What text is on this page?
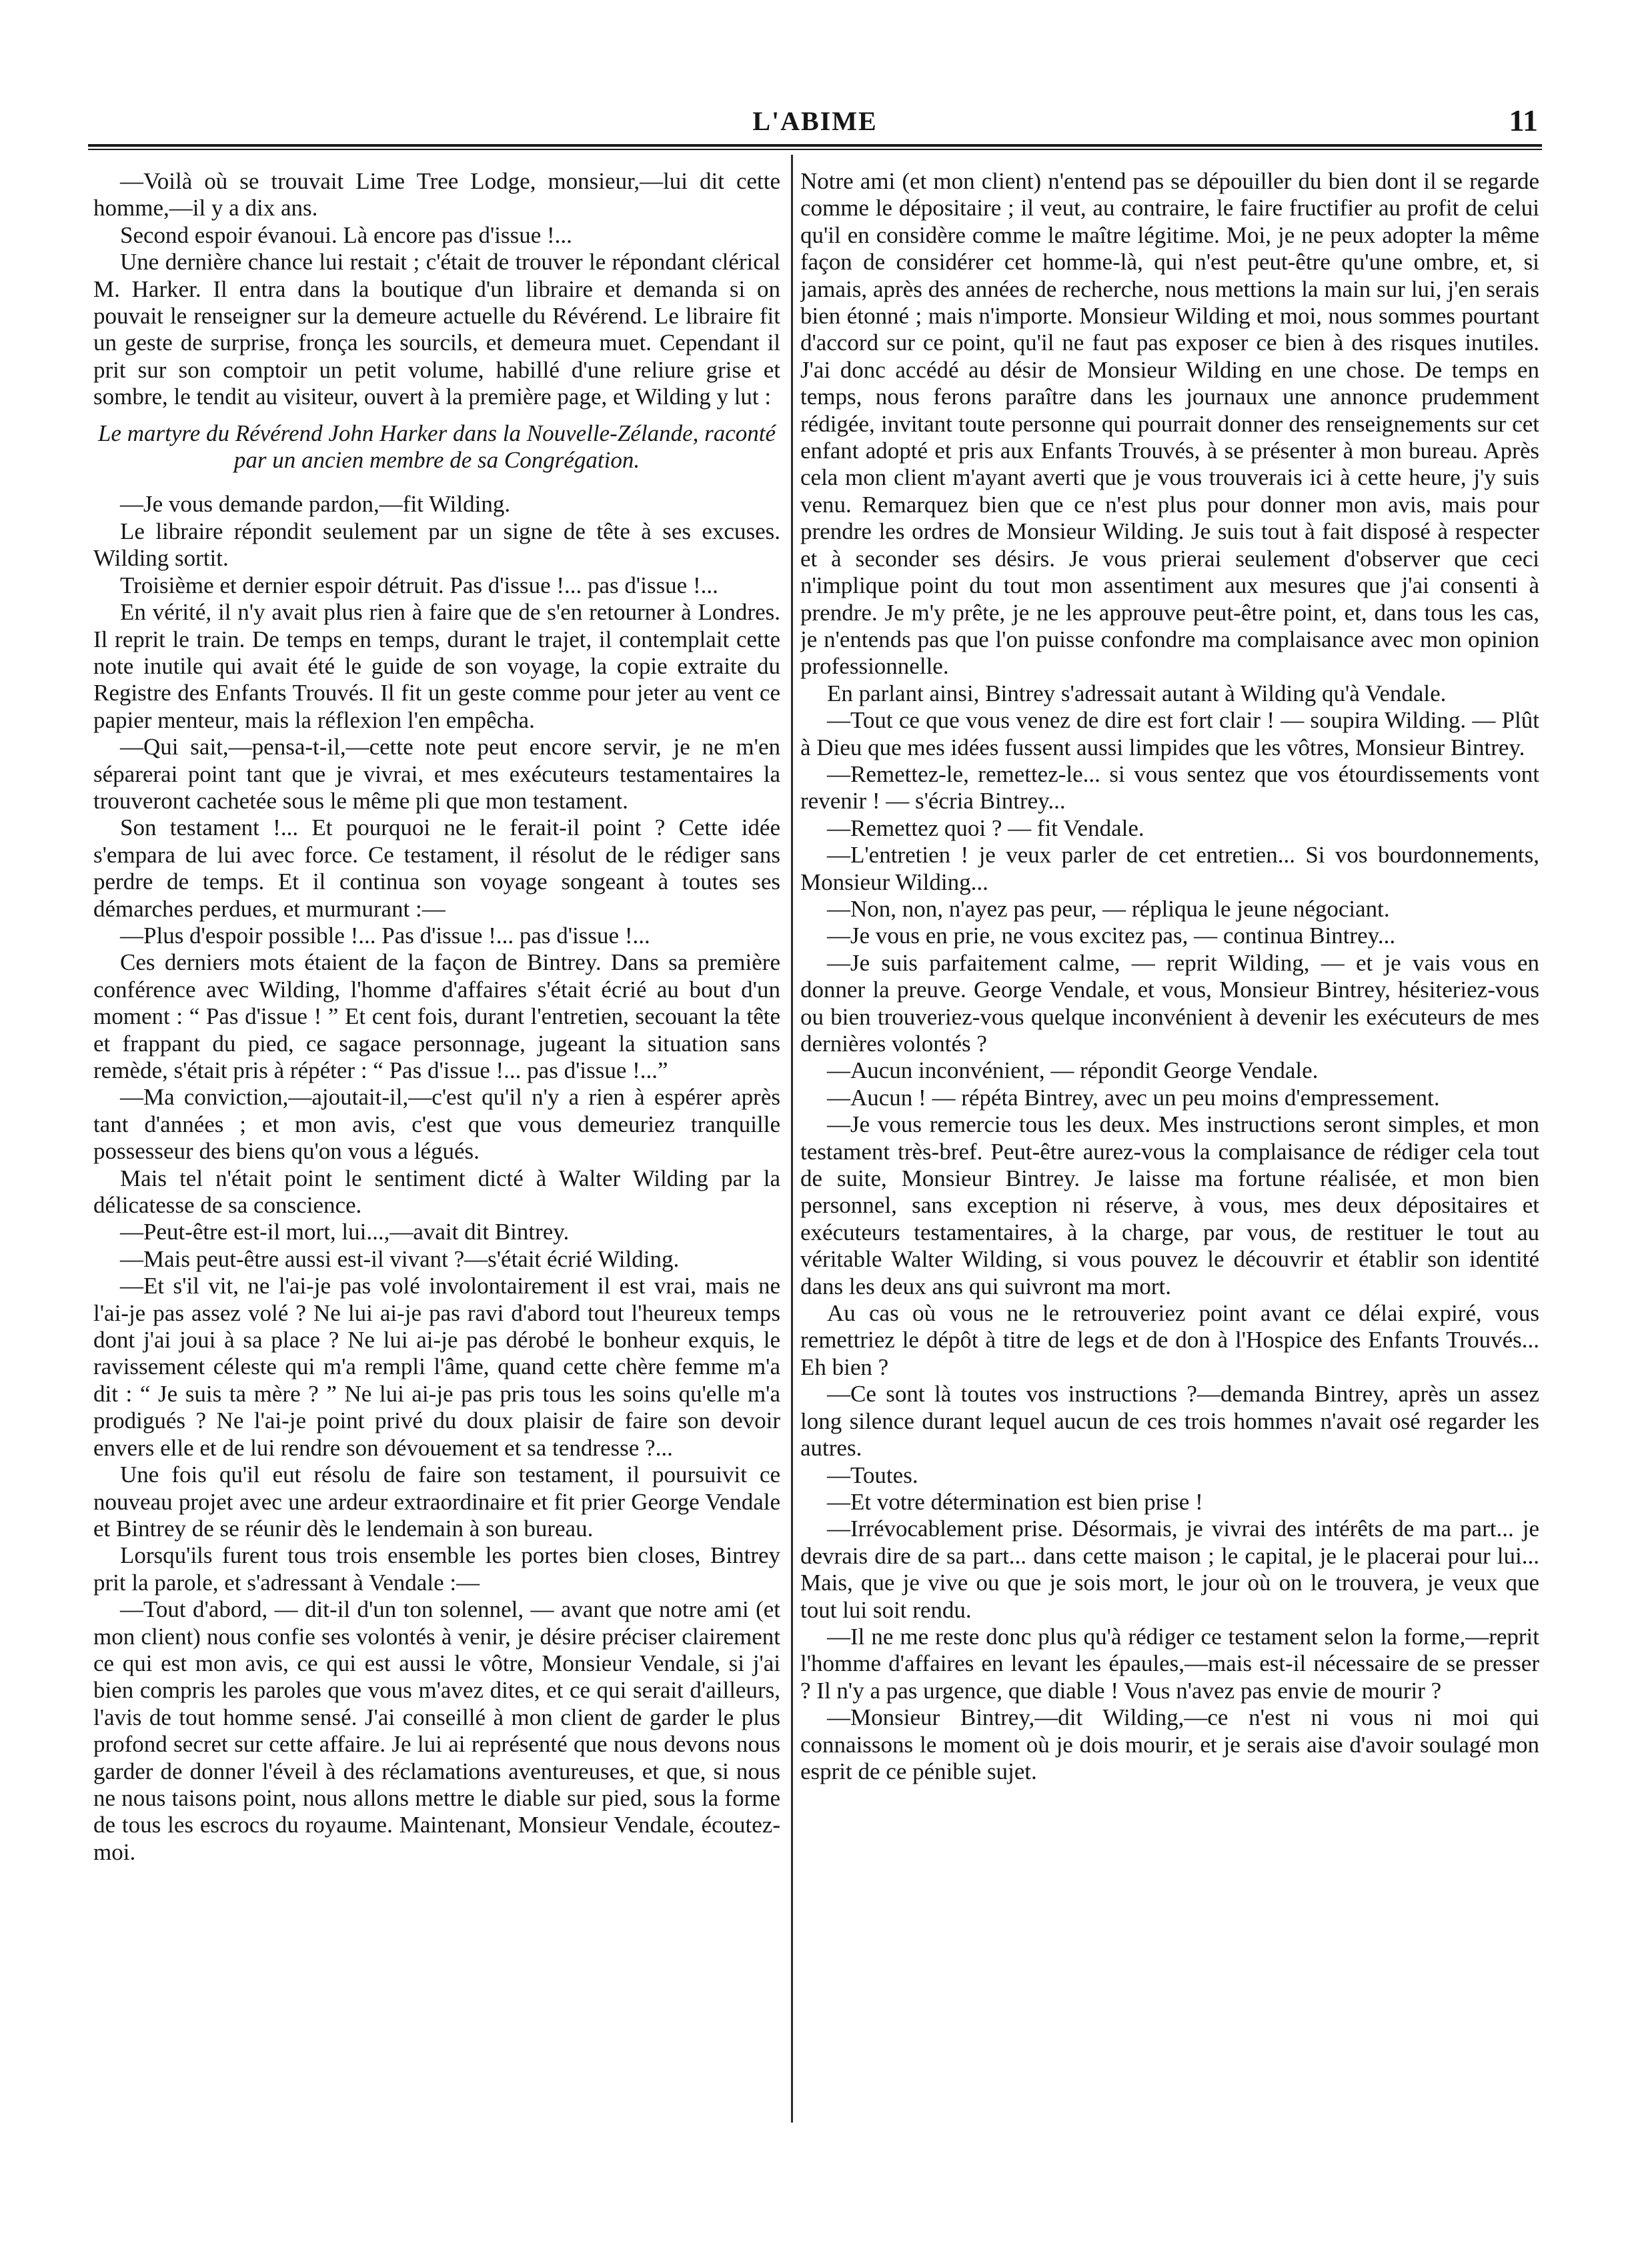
L'ABIME	11

—Voilà où se trouvait Lime Tree Lodge, monsieur,—lui dit cette homme,—il y a dix ans.

Second espoir évanoui. Là encore pas d'issue !...

Une dernière chance lui restait ; c'était de trouver le répondant clérical M. Harker. Il entra dans la boutique d'un libraire et demanda si on pouvait le renseigner sur la demeure actuelle du Révérend. Le libraire fit un geste de surprise, fronça les sourcils, et demeura muet. Cependant il prit sur son comptoir un petit volume, habillé d'une reliure grise et sombre, le tendit au visiteur, ouvert à la première page, et Wilding y lut :

Le martyre du Révérend John Harker dans la Nouvelle-Zélande, raconté par un ancien membre de sa Congrégation.

—Je vous demande pardon,—fit Wilding.

Le libraire répondit seulement par un signe de tête à ses excuses. Wilding sortit.

Troisième et dernier espoir détruit. Pas d'issue !... pas d'issue !...

En vérité, il n'y avait plus rien à faire que de s'en retourner à Londres. Il reprit le train. De temps en temps, durant le trajet, il contemplait cette note inutile qui avait été le guide de son voyage, la copie extraite du Registre des Enfants Trouvés. Il fit un geste comme pour jeter au vent ce papier menteur, mais la réflexion l'en empêcha.

—Qui sait,—pensa-t-il,—cette note peut encore servir, je ne m'en séparerai point tant que je vivrai, et mes exécuteurs testamentaires la trouveront cachetée sous le même pli que mon testament.

Son testament !... Et pourquoi ne le ferait-il point ? Cette idée s'empara de lui avec force. Ce testament, il résolut de le rédiger sans perdre de temps. Et il continua son voyage songeant à toutes ses démarches perdues, et murmurant :—

—Plus d'espoir possible !... Pas d'issue !... pas d'issue !...

Ces derniers mots étaient de la façon de Bintrey. Dans sa première conférence avec Wilding, l'homme d'affaires s'était écrié au bout d'un moment : “ Pas d'issue ! ” Et cent fois, durant l'entretien, secouant la tête et frappant du pied, ce sagace personnage, jugeant la situation sans remède, s'était pris à répéter : “ Pas d'issue !... pas d'issue !...”

—Ma conviction,—ajoutait-il,—c'est qu'il n'y a rien à espérer après tant d'années ; et mon avis, c'est que vous demeuriez tranquille possesseur des biens qu'on vous a légués.

Mais tel n'était point le sentiment dicté à Walter Wilding par la délicatesse de sa conscience.

—Peut-être est-il mort, lui...,—avait dit Bintrey.

—Mais peut-être aussi est-il vivant ?—s'était écrié Wilding.

—Et s'il vit, ne l'ai-je pas volé involontairement il est vrai, mais ne l'ai-je pas assez volé ? Ne lui ai-je pas ravi d'abord tout l'heureux temps dont j'ai joui à sa place ? Ne lui ai-je pas dérobé le bonheur exquis, le ravissement céleste qui m'a rempli l'âme, quand cette chère femme m'a dit : “ Je suis ta mère ? ” Ne lui ai-je pas pris tous les soins qu'elle m'a prodigués ? Ne l'ai-je point privé du doux plaisir de faire son devoir envers elle et de lui rendre son dévouement et sa tendresse ?...

Une fois qu'il eut résolu de faire son testament, il poursuivit ce nouveau projet avec une ardeur extraordinaire et fit prier George Vendale et Bintrey de se réunir dès le lendemain à son bureau.

Lorsqu'ils furent tous trois ensemble les portes bien closes, Bintrey prit la parole, et s'adressant à Vendale :—

—Tout d'abord, — dit-il d'un ton solennel, — avant que notre ami (et mon client) nous confie ses volontés à venir, je désire préciser clairement ce qui est mon avis, ce qui est aussi le vôtre, Monsieur Vendale, si j'ai bien compris les paroles que vous m'avez dites, et ce qui serait d'ailleurs, l'avis de tout homme sensé. J'ai conseillé à mon client de garder le plus profond secret sur cette affaire. Je lui ai représenté que nous devons nous garder de donner l'éveil à des réclamations aventureuses, et que, si nous ne nous taisons point, nous allons mettre le diable sur pied, sous la forme de tous les escrocs du royaume. Maintenant, Monsieur Vendale, écoutez-moi.

Notre ami (et mon client) n'entend pas se dépouiller du bien dont il se regarde comme le dépositaire ; il veut, au contraire, le faire fructifier au profit de celui qu'il en considère comme le maître légitime. Moi, je ne peux adopter la même façon de considérer cet homme-là, qui n'est peut-être qu'une ombre, et, si jamais, après des années de recherche, nous mettions la main sur lui, j'en serais bien étonné ; mais n'importe. Monsieur Wilding et moi, nous sommes pourtant d'accord sur ce point, qu'il ne faut pas exposer ce bien à des risques inutiles. J'ai donc accédé au désir de Monsieur Wilding en une chose. De temps en temps, nous ferons paraître dans les journaux une annonce prudemment rédigée, invitant toute personne qui pourrait donner des renseignements sur cet enfant adopté et pris aux Enfants Trouvés, à se présenter à mon bureau. Après cela mon client m'ayant averti que je vous trouverais ici à cette heure, j'y suis venu. Remarquez bien que ce n'est plus pour donner mon avis, mais pour prendre les ordres de Monsieur Wilding. Je suis tout à fait disposé à respecter et à seconder ses désirs. Je vous prierai seulement d'observer que ceci n'implique point du tout mon assentiment aux mesures que j'ai consenti à prendre. Je m'y prête, je ne les approuve peut-être point, et, dans tous les cas, je n'entends pas que l'on puisse confondre ma complaisance avec mon opinion professionnelle.

En parlant ainsi, Bintrey s'adressait autant à Wilding qu'à Vendale.

—Tout ce que vous venez de dire est fort clair ! — soupira Wilding. — Plût à Dieu que mes idées fussent aussi limpides que les vôtres, Monsieur Bintrey.

—Remettez-le, remettez-le... si vous sentez que vos étourdissements vont revenir ! — s'écria Bintrey...

—Remettez quoi ? — fit Vendale.

—L'entretien ! je veux parler de cet entretien... Si vos bourdonnements, Monsieur Wilding...

—Non, non, n'ayez pas peur, — répliqua le jeune négociant.

—Je vous en prie, ne vous excitez pas, — continua Bintrey...

—Je suis parfaitement calme, — reprit Wilding, — et je vais vous en donner la preuve. George Vendale, et vous, Monsieur Bintrey, hésiteriez-vous ou bien trouveriez-vous quelque inconvénient à devenir les exécuteurs de mes dernières volontés ?

—Aucun inconvénient, — répondit George Vendale.

—Aucun ! — répéta Bintrey, avec un peu moins d'empressement.

—Je vous remercie tous les deux. Mes instructions seront simples, et mon testament très-bref. Peut-être aurez-vous la complaisance de rédiger cela tout de suite, Monsieur Bintrey. Je laisse ma fortune réalisée, et mon bien personnel, sans exception ni réserve, à vous, mes deux dépositaires et exécuteurs testamentaires, à la charge, par vous, de restituer le tout au véritable Walter Wilding, si vous pouvez le découvrir et établir son identité dans les deux ans qui suivront ma mort.

Au cas où vous ne le retrouveriez point avant ce délai expiré, vous remettriez le dépôt à titre de legs et de don à l'Hospice des Enfants Trouvés... Eh bien ?

—Ce sont là toutes vos instructions ?—demanda Bintrey, après un assez long silence durant lequel aucun de ces trois hommes n'avait osé regarder les autres.

—Toutes.

—Et votre détermination est bien prise !

—Irrévocablement prise. Désormais, je vivrai des intérêts de ma part... je devrais dire de sa part... dans cette maison ; le capital, je le placerai pour lui... Mais, que je vive ou que je sois mort, le jour où on le trouvera, je veux que tout lui soit rendu.

—Il ne me reste donc plus qu'à rédiger ce testament selon la forme,—reprit l'homme d'affaires en levant les épaules,—mais est-il nécessaire de se presser ? Il n'y a pas urgence, que diable ! Vous n'avez pas envie de mourir ?

—Monsieur Bintrey,—dit Wilding,—ce n'est ni vous ni moi qui connaissons le moment où je dois mourir, et je serais aise d'avoir soulagé mon esprit de ce pénible sujet.
